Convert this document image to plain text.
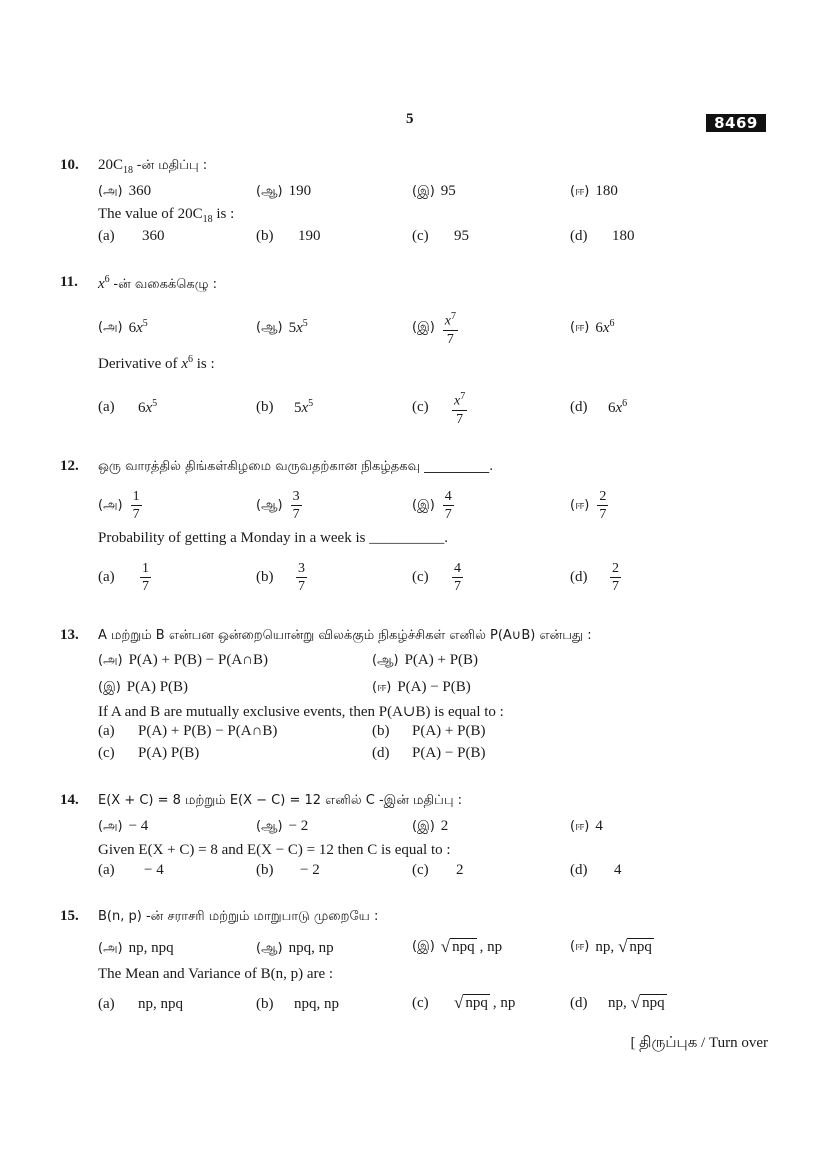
5	8469
10. $20C_{18}$ -ன் மதிப்பு :
(அ) 360	(ஆ) 190	(இ) 95	(ஈ) 180
The value of $20C_{18}$ is :
(a)	360	(b)	190	(c)	95	(d)	180
11. $x^6$ -ன் வகைக்கெழு :
(அ) $6x^5$	(ஆ) $5x^5$	(இ) $\frac{x^7}{7}$	(ஈ) $6x^6$
Derivative of $x^6$ is :
(a)	$6x^5$	(b)	$5x^5$	(c)	$\frac{x^7}{7}$	(d)	$6x^6$
12. ஒரு வாரத்தில் திங்கள்கிழமை வருவதற்கான நிகழ்தகவு __________.
(அ) $\frac{1}{7}$	(ஆ) $\frac{3}{7}$	(இ) $\frac{4}{7}$	(ஈ) $\frac{2}{7}$
Probability of getting a Monday in a week is __________.
(a)	$\frac{1}{7}$	(b)	$\frac{3}{7}$	(c)	$\frac{4}{7}$	(d)	$\frac{2}{7}$
13. A மற்றும் B என்பன ஒன்றையொன்று விலக்கும் நிகழ்ச்சிகள் எனில் P(A∪B) என்பது :
(அ) P(A) + P(B) − P(A∩B)	(ஆ) P(A) + P(B)
(இ) P(A) P(B)	(ஈ) P(A) − P(B)
If A and B are mutually exclusive events, then P(A∪B) is equal to :
(a)	P(A) + P(B) − P(A∩B)	(b)	P(A) + P(B)
(c)	P(A) P(B)	(d)	P(A) − P(B)
14. E(X + C) = 8 மற்றும் E(X − C) = 12 எனில் C -இன் மதிப்பு :
(அ) − 4	(ஆ) − 2	(இ) 2	(ஈ) 4
Given E(X + C) = 8 and E(X − C) = 12 then C is equal to :
(a)	− 4	(b)	− 2	(c)	2	(d)	4
15. B(n, p) -ன் சராசரி மற்றும் மாறுபாடு முறையே :
(அ) np, npq	(ஆ) npq, np	(இ) √ npq , np	(ஈ) np, √ npq
The Mean and Variance of B(n, p) are :
(a)	np, npq	(b)	npq, np	(c)	√ npq , np	(d)	np, √ npq
[ திருப்புக / Turn over
